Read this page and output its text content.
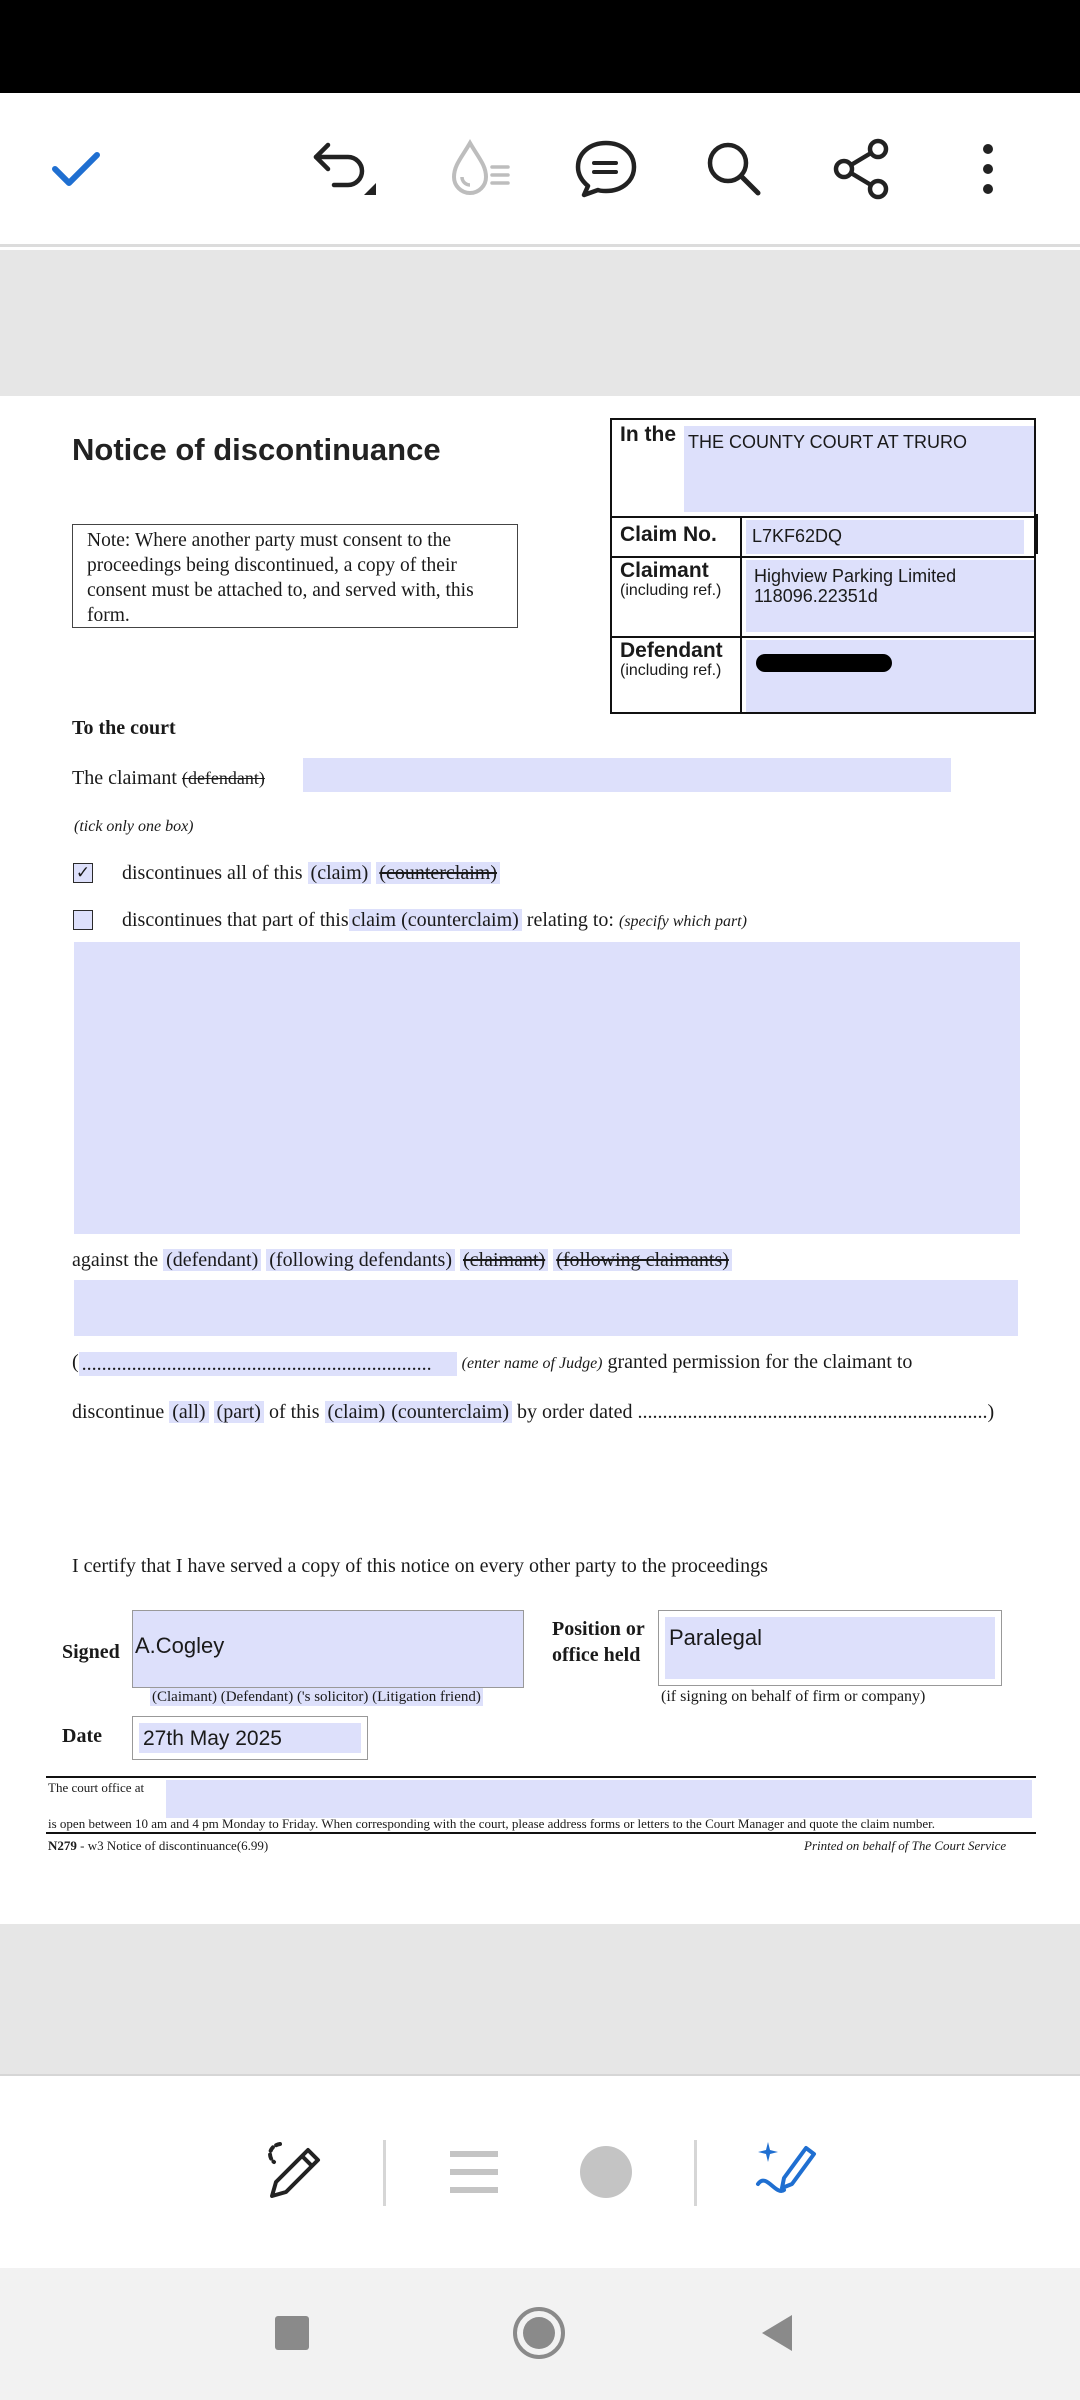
Notice of discontinuance
Note: Where another party must consent to the proceedings being discontinued, a copy of their consent must be attached to, and served with, this form.
In the THE COUNTY COURT AT TRURO
Claim No.	L7KF62DQ
Claimant
(including ref.)
Highview Parking Limited
118096.22351d
Defendant
(including ref.)
To the court
The claimant (defendant)
(tick only one box)
✓ discontinues all of this (claim) (counterclaim)
discontinues that part of this claim (counterclaim) relating to: (specify which part)
against the (defendant) (following defendants) (claimant) (following claimants)
( ...................................................................... (enter name of Judge) granted permission for the claimant to
discontinue (all) (part) of this (claim) (counterclaim) by order dated ......................................................................)
I certify that I have served a copy of this notice on every other party to the proceedings
Signed A.Cogley
(Claimant) (Defendant) ('s solicitor) (Litigation friend)
Position or
office held
Paralegal
(if signing on behalf of firm or company)
Date 27th May 2025
The court office at
is open between 10 am and 4 pm Monday to Friday. When corresponding with the court, please address forms or letters to the Court Manager and quote the claim number.
N279 - w3 Notice of discontinuance(6.99)	Printed on behalf of The Court Service
